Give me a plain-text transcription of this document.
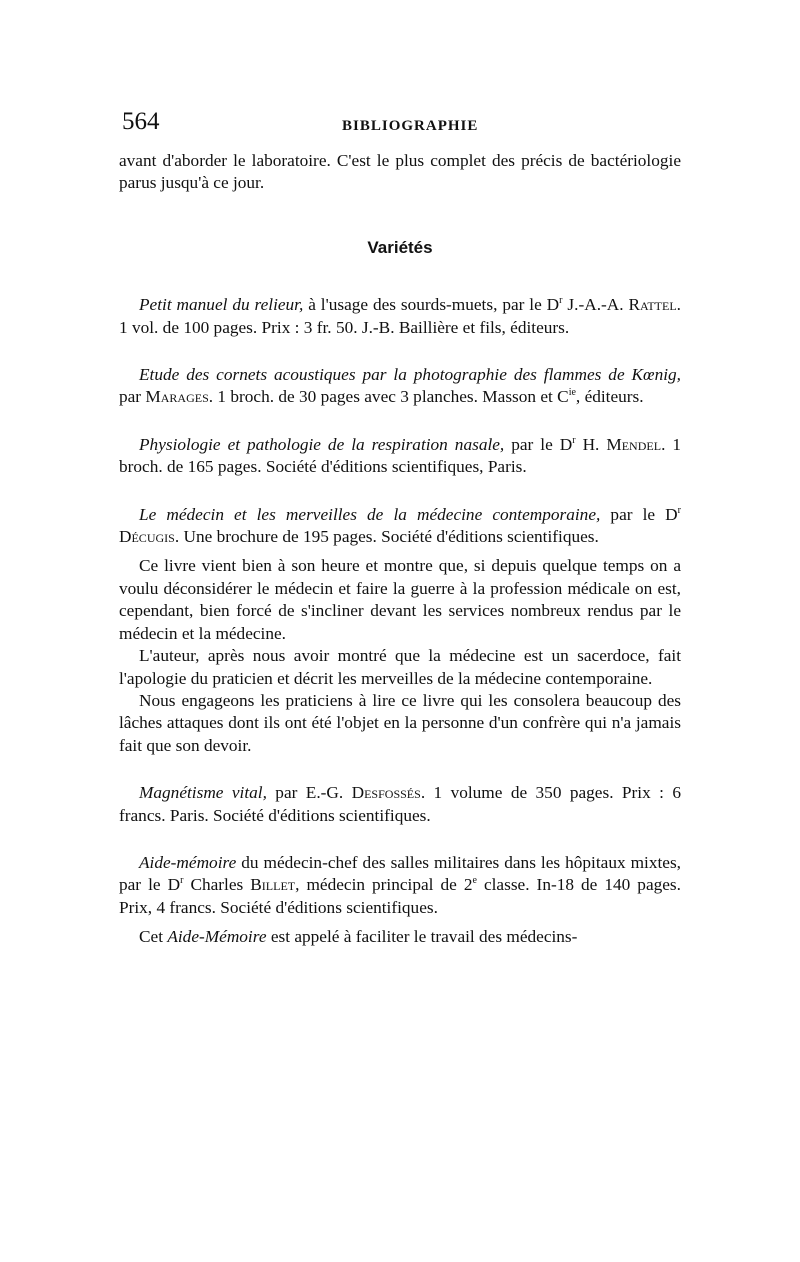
564	BIBLIOGRAPHIE

avant d'aborder le laboratoire. C'est le plus complet des précis de bactériologie parus jusqu'à ce jour.

Variétés

Petit manuel du relieur, à l'usage des sourds-muets, par le $D^r$ J.-A.-A. Rattel. 1 vol. de 100 pages. Prix : 3 fr. 50. J.-B. Baillière et fils, éditeurs.

Etude des cornets acoustiques par la photographie des flammes de Kœnig, par Marages. 1 broch. de 30 pages avec 3 planches. Masson et $C^{ie}$, éditeurs.

Physiologie et pathologie de la respiration nasale, par le $D^r$ H. Mendel. 1 broch. de 165 pages. Société d'éditions scientifiques, Paris.

Le médecin et les merveilles de la médecine contemporaine, par le $D^r$ Décugis. Une brochure de 195 pages. Société d'éditions scientifiques.

Ce livre vient bien à son heure et montre que, si depuis quelque temps on a voulu déconsidérer le médecin et faire la guerre à la profession médicale on est, cependant, bien forcé de s'incliner devant les services nombreux rendus par le médecin et la médecine.

L'auteur, après nous avoir montré que la médecine est un sacerdoce, fait l'apologie du praticien et décrit les merveilles de la médecine contemporaine.

Nous engageons les praticiens à lire ce livre qui les consolera beaucoup des lâches attaques dont ils ont été l'objet en la personne d'un confrère qui n'a jamais fait que son devoir.

Magnétisme vital, par E.-G. Desfossés. 1 volume de 350 pages. Prix : 6 francs. Paris. Société d'éditions scientifiques.

Aide-mémoire du médecin-chef des salles militaires dans les hôpitaux mixtes, par le $D^r$ Charles Billet, médecin principal de 2e classe. In-18 de 140 pages. Prix, 4 francs. Société d'éditions scientifiques.

Cet Aide-Mémoire est appelé à faciliter le travail des médecins-
